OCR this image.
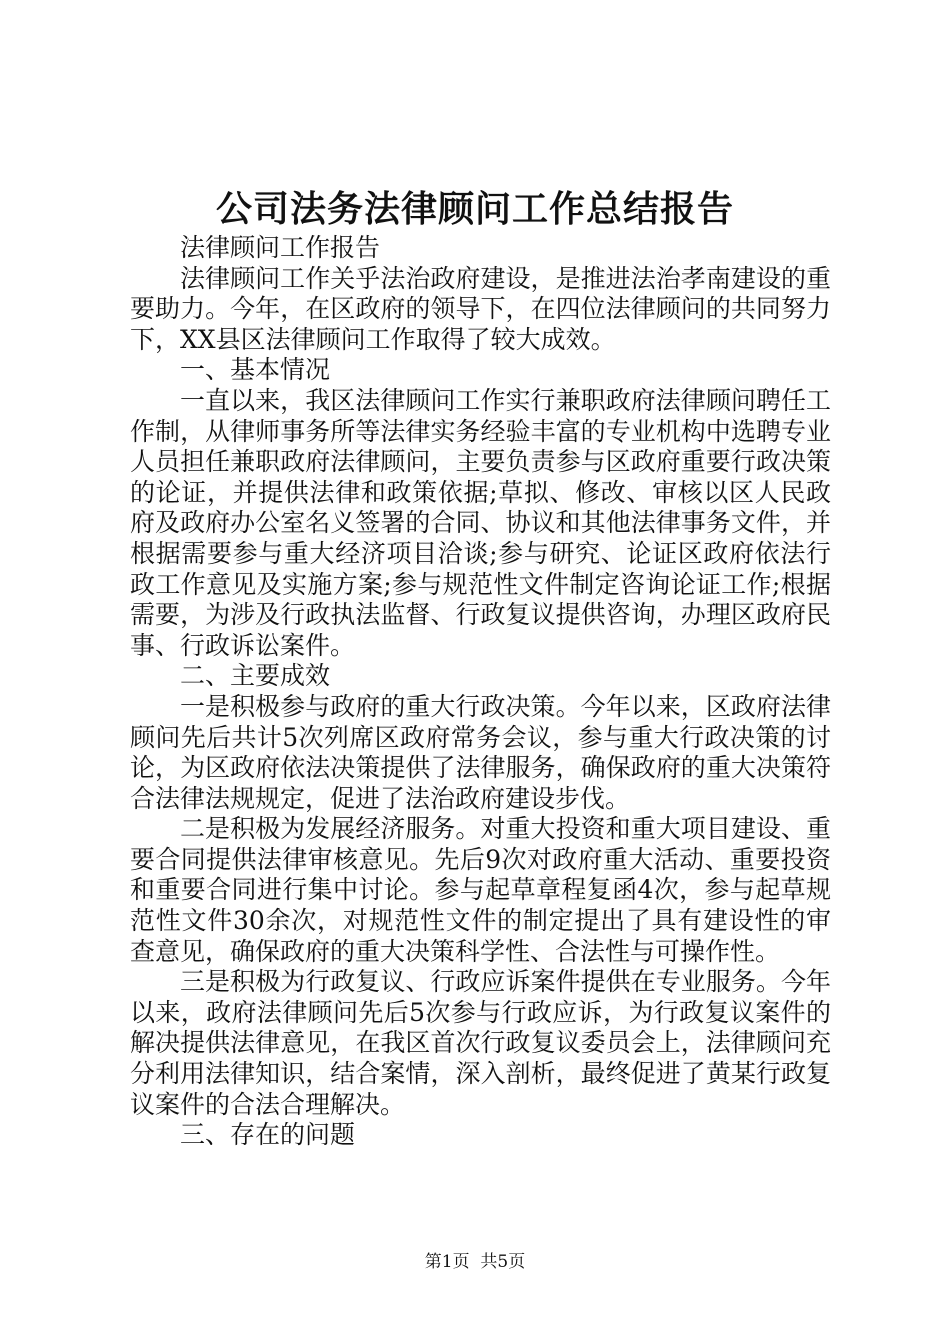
公司法务法律顾问工作总结报告

法律顾问工作报告

法律顾问工作关乎法治政府建设，是推进法治孝南建设的重要助力。今年，在区政府的领导下，在四位法律顾问的共同努力下，XX县区法律顾问工作取得了较大成效。

一、基本情况

一直以来，我区法律顾问工作实行兼职政府法律顾问聘任工作制，从律师事务所等法律实务经验丰富的专业机构中选聘专业人员担任兼职政府法律顾问，主要负责参与区政府重要行政决策的论证，并提供法律和政策依据;草拟、修改、审核以区人民政府及政府办公室名义签署的合同、协议和其他法律事务文件，并根据需要参与重大经济项目洽谈;参与研究、论证区政府依法行政工作意见及实施方案;参与规范性文件制定咨询论证工作;根据需要，为涉及行政执法监督、行政复议提供咨询，办理区政府民事、行政诉讼案件。

二、主要成效

一是积极参与政府的重大行政决策。今年以来，区政府法律顾问先后共计5次列席区政府常务会议，参与重大行政决策的讨论，为区政府依法决策提供了法律服务，确保政府的重大决策符合法律法规规定，促进了法治政府建设步伐。

二是积极为发展经济服务。对重大投资和重大项目建设、重要合同提供法律审核意见。先后9次对政府重大活动、重要投资和重要合同进行集中讨论。参与起草章程复函4次，参与起草规范性文件30余次，对规范性文件的制定提出了具有建设性的审查意见，确保政府的重大决策科学性、合法性与可操作性。

三是积极为行政复议、行政应诉案件提供在专业服务。今年以来，政府法律顾问先后5次参与行政应诉，为行政复议案件的解决提供法律意见，在我区首次行政复议委员会上，法律顾问充分利用法律知识，结合案情，深入剖析，最终促进了黄某行政复议案件的合法合理解决。

三、存在的问题

第1页  共5页
